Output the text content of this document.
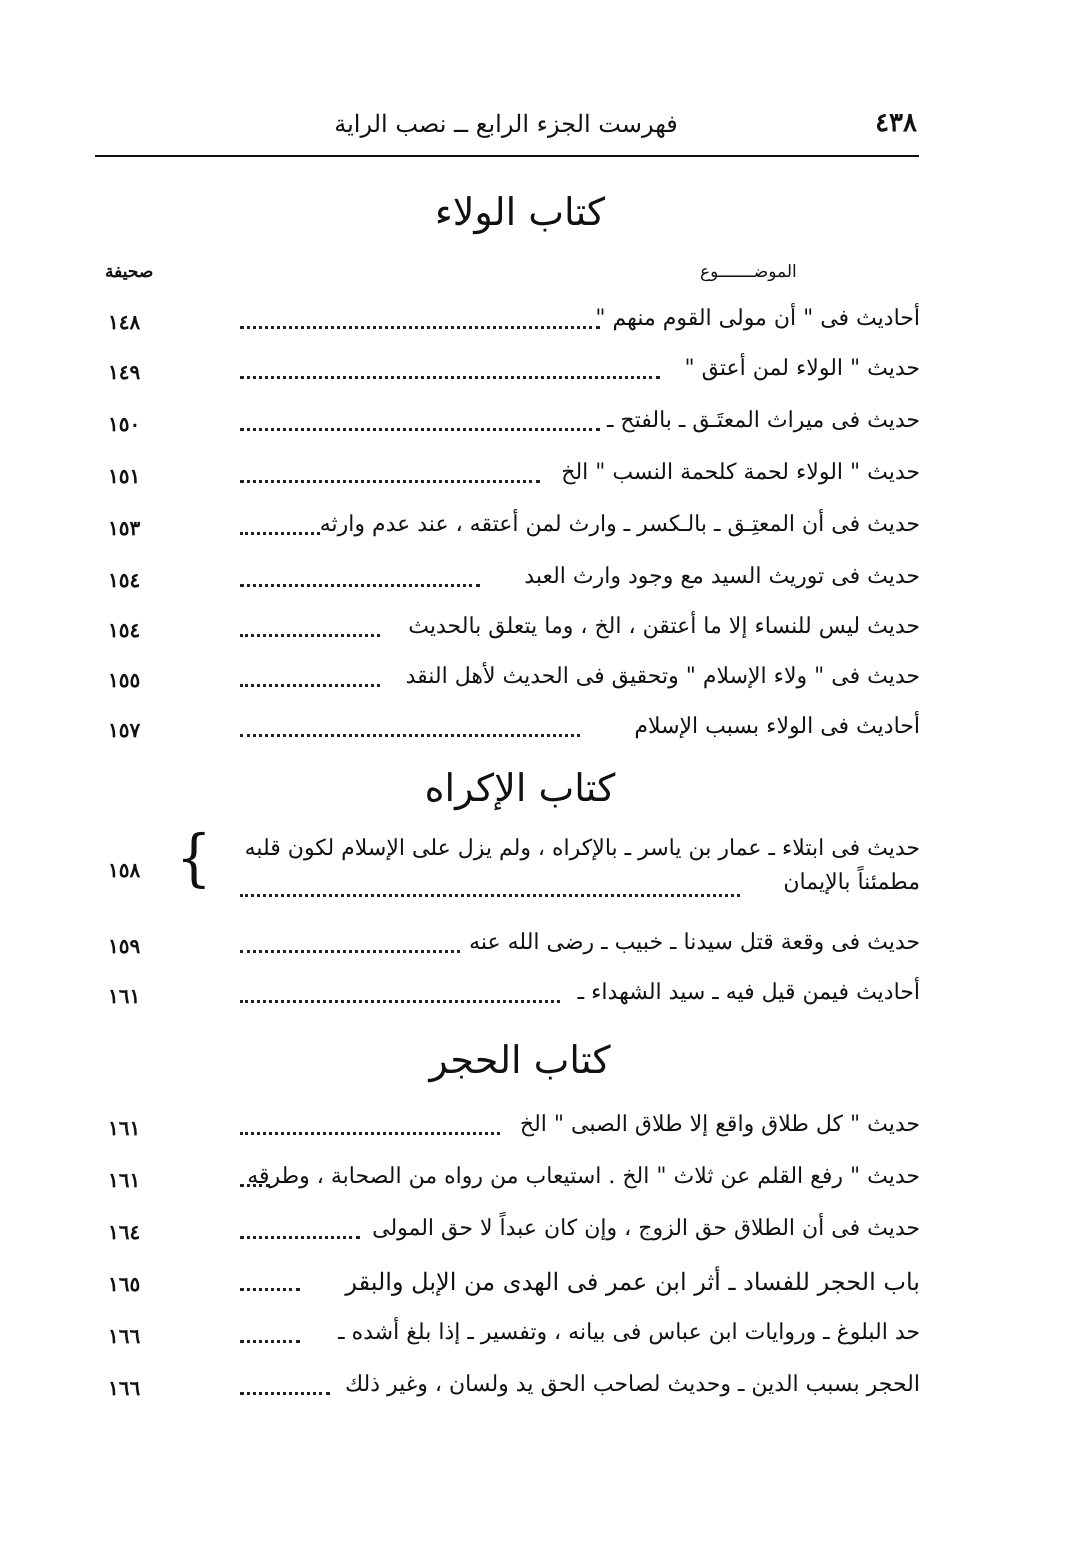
٤٣٨
فهرست الجزء الرابع ــ نصب الراية
كتاب الولاء
الموضـــــــوع
صحيفة
أحاديث فى " أن مولى القوم منهم "
١٤٨
حديث " الولاء لمن أعتق "
١٤٩
حديث فى ميراث المعتَـق ـ بالفتح ـ
١٥٠
حديث " الولاء لحمة كلحمة النسب " الخ
١٥١
حديث فى أن المعتِـق ـ بالـكسر ـ وارث لمن أعتقه ، عند عدم وارثه
١٥٣
حديث فى توريث السيد مع وجود وارث العبد
١٥٤
حديث ليس للنساء إلا ما أعتقن ، الخ ، وما يتعلق بالحديث
١٥٤
حديث فى " ولاء الإسلام " وتحقيق فى الحديث لأهل النقد
١٥٥
أحاديث فى الولاء بسبب الإسلام
١٥٧
كتاب الإكراه
حديث فى ابتلاء ـ عمار بن ياسر ـ بالإكراه ، ولم يزل على الإسلام لكون قلبه
مطمئناً بالإيمان
١٥٨ {
حديث فى وقعة قتل سيدنا ـ خبيب ـ رضى الله عنه
١٥٩
أحاديث فيمن قيل فيه ـ سيد الشهداء ـ
١٦١
كتاب الحجر
حديث " كل طلاق واقع إلا طلاق الصبى " الخ
١٦١
حديث " رفع القلم عن ثلاث " الخ . استيعاب من رواه من الصحابة ، وطرقه
١٦١
حديث فى أن الطلاق حق الزوج ، وإن كان عبداً لا حق المولى
١٦٤
باب الحجر للفساد ـ أثر ابن عمر فى الهدى من الإبل والبقر
١٦٥
حد البلوغ ـ وروايات ابن عباس فى بيانه ، وتفسير ـ إذا بلغ أشده ـ
١٦٦
الحجر بسبب الدين ـ وحديث لصاحب الحق يد ولسان ، وغير ذلك
١٦٦
